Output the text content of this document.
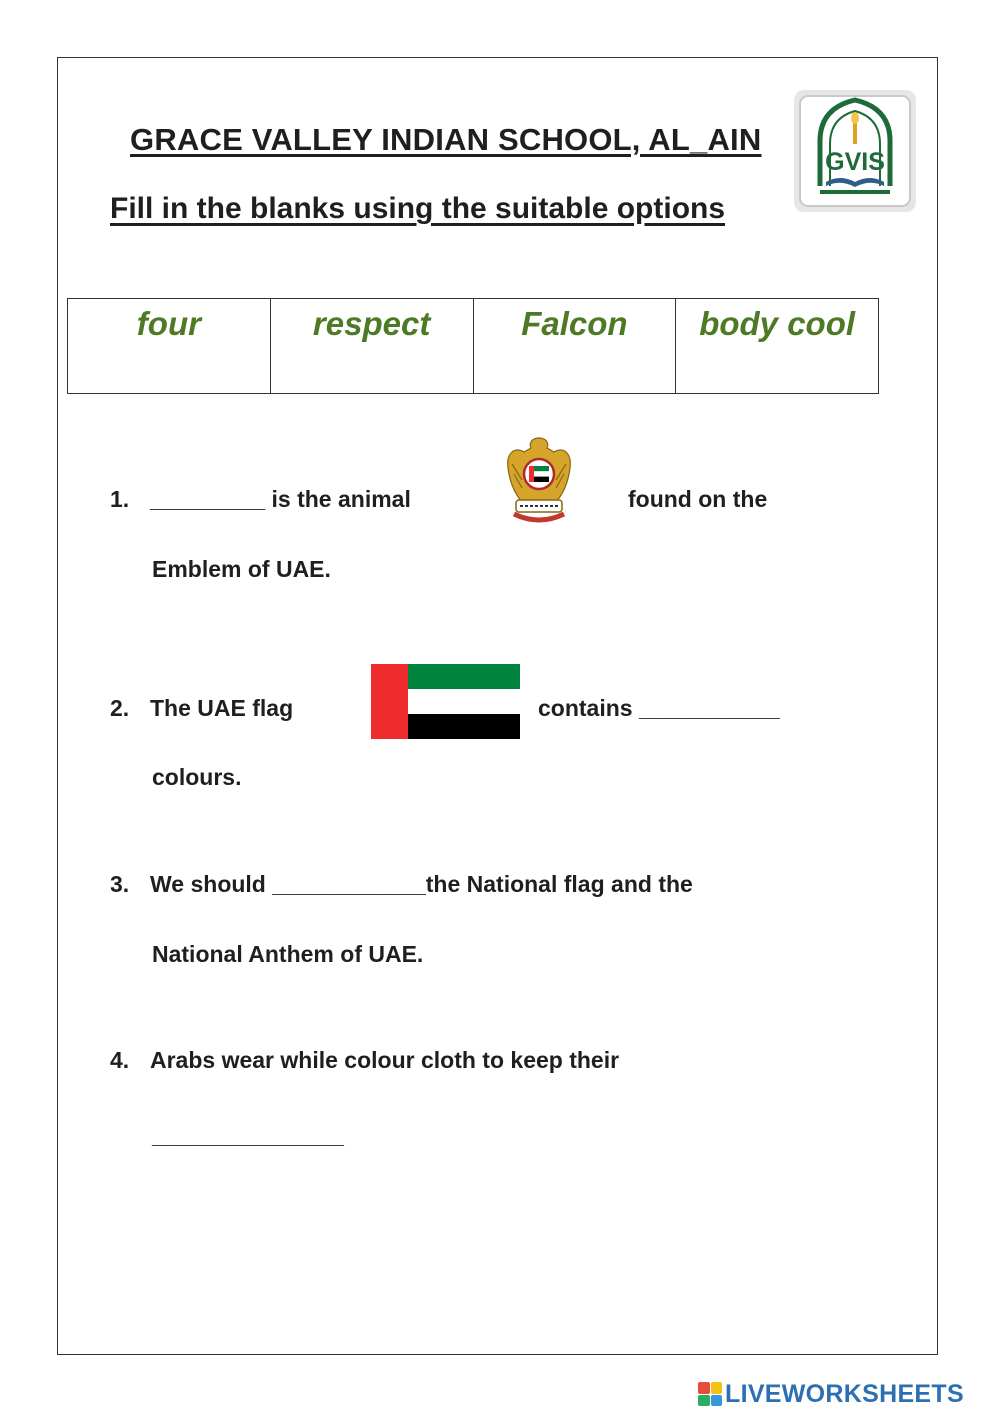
GRACE VALLEY INDIAN SCHOOL, AL_AIN
Fill in the blanks using the suitable options
GVIS
four	respect	Falcon	body cool
1. _________ is the animal	found on the
Emblem of UAE.
2. The UAE flag	contains ___________
colours.
3. We should ____________the National flag and the
National Anthem of UAE.
4. Arabs wear while colour cloth to keep their
_______________
LIVEWORKSHEETS
